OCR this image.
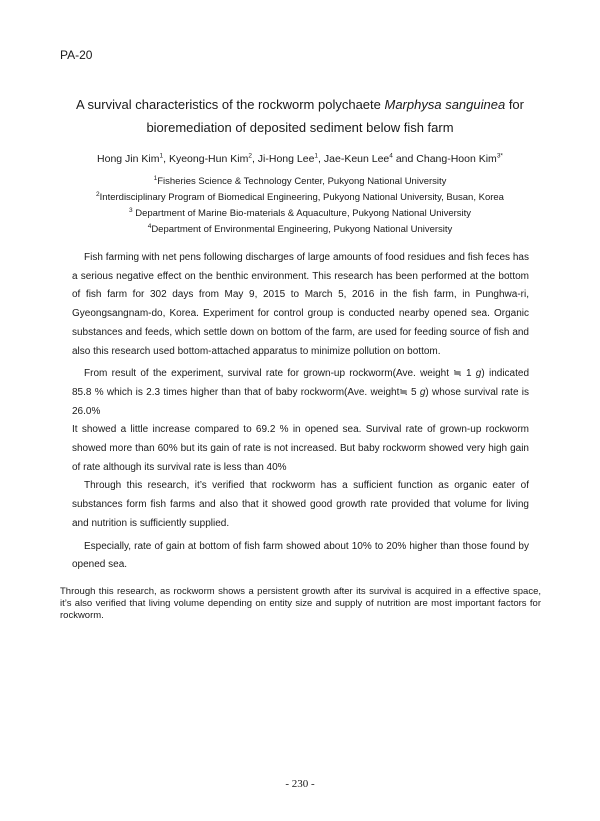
PA-20
A survival characteristics of the rockworm polychaete Marphysa sanguinea for
bioremediation of deposited sediment below fish farm
Hong Jin Kim$^1$, Kyeong-Hun Kim$^2$, Ji-Hong Lee$^1$, Jae-Keun Lee$^4$ and Chang-Hoon Kim$^{3*}$
$^1$Fisheries Science & Technology Center, Pukyong National University
$^2$Interdisciplinary Program of Biomedical Engineering, Pukyong National University, Busan, Korea
$^3$ Department of Marine Bio-materials & Aquaculture, Pukyong National University
$^4$Department of Environmental Engineering, Pukyong National University

Fish farming with net pens following discharges of large amounts of food residues and fish feces has a serious negative effect on the benthic environment. This research has been performed at the bottom of fish farm for 302 days from May 9, 2015 to March 5, 2016 in the fish farm, in Punghwa-ri, Gyeongsangnam-do, Korea. Experiment for control group is conducted nearby opened sea. Organic substances and feeds, which settle down on bottom of the farm, are used for feeding source of fish and also this research used bottom-attached apparatus to minimize pollution on bottom.

From result of the experiment, survival rate for grown-up rockworm(Ave. weight ≒ 1 g) indicated 85.8 % which is 2.3 times higher than that of baby rockworm(Ave. weight≒ 5 g) whose survival rate is 26.0%

It showed a little increase compared to 69.2 % in opened sea. Survival rate of grown-up rockworm showed more than 60% but its gain of rate is not increased. But baby rockworm showed very high gain of rate although its survival rate is less than 40%

Through this research, it’s verified that rockworm has a sufficient function as organic eater of substances form fish farms and also that it showed good growth rate provided that volume for living and nutrition is sufficiently supplied.

Especially, rate of gain at bottom of fish farm showed about 10% to 20% higher than those found by opened sea.

Through this research, as rockworm shows a persistent growth after its survival is acquired in a effective space, it’s also verified that living volume depending on entity size and supply of nutrition are most important factors for rockworm.

- 230 -
